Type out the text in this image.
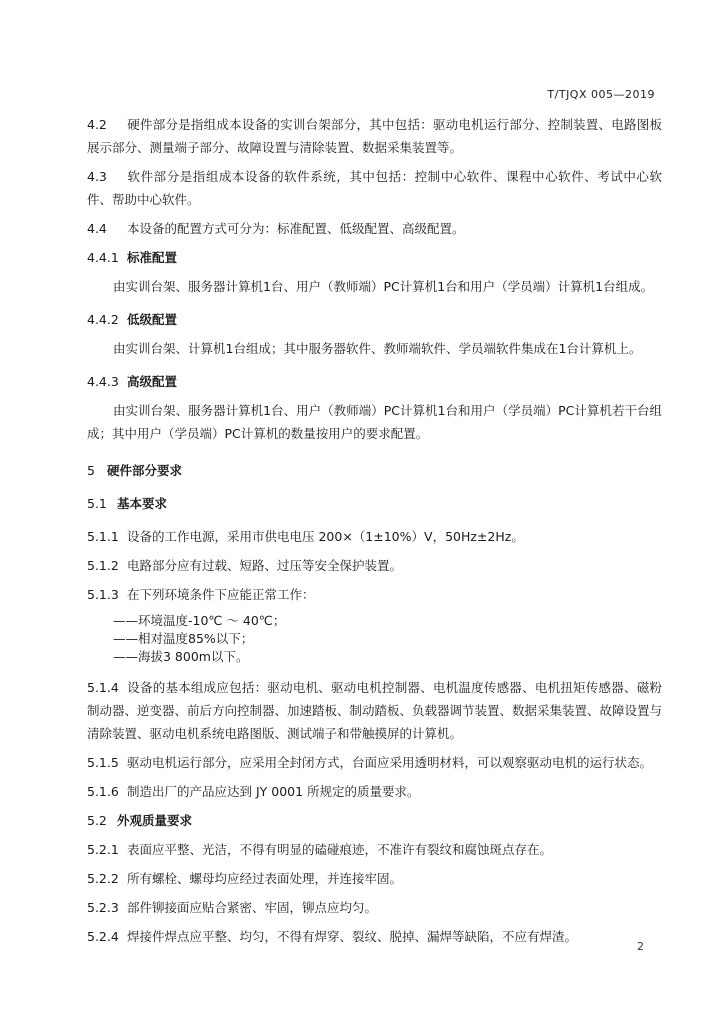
T/TJQX 005—2019

4.2 硬件部分是指组成本设备的实训台架部分，其中包括：驱动电机运行部分、控制装置、电路图板展示部分、测量端子部分、故障设置与清除装置、数据采集装置等。

4.3 软件部分是指组成本设备的软件系统，其中包括：控制中心软件、课程中心软件、考试中心软件、帮助中心软件。

4.4 本设备的配置方式可分为：标准配置、低级配置、高级配置。

4.4.1 标准配置

由实训台架、服务器计算机1台、用户（教师端）PC计算机1台和用户（学员端）计算机1台组成。

4.4.2 低级配置

由实训台架、计算机1台组成；其中服务器软件、教师端软件、学员端软件集成在1台计算机上。

4.4.3 高级配置

由实训台架、服务器计算机1台、用户（教师端）PC计算机1台和用户（学员端）PC计算机若干台组成；其中用户（学员端）PC计算机的数量按用户的要求配置。

5 硬件部分要求

5.1 基本要求

5.1.1 设备的工作电源，采用市供电电压 200×（1±10%）V，50Hz±2Hz。

5.1.2 电路部分应有过载、短路、过压等安全保护装置。

5.1.3 在下列环境条件下应能正常工作：

——环境温度-10℃ ～ 40℃；

——相对温度85%以下；

——海拔3 800m以下。

5.1.4 设备的基本组成应包括：驱动电机、驱动电机控制器、电机温度传感器、电机扭矩传感器、磁粉制动器、逆变器、前后方向控制器、加速踏板、制动踏板、负载器调节装置、数据采集装置、故障设置与清除装置、驱动电机系统电路图版、测试端子和带触摸屏的计算机。

5.1.5 驱动电机运行部分，应采用全封闭方式，台面应采用透明材料，可以观察驱动电机的运行状态。

5.1.6 制造出厂的产品应达到 JY 0001 所规定的质量要求。

5.2 外观质量要求

5.2.1 表面应平整、光洁，不得有明显的磕碰痕迹，不准许有裂纹和腐蚀斑点存在。

5.2.2 所有螺栓、螺母均应经过表面处理，并连接牢固。

5.2.3 部件铆接面应贴合紧密、牢固，铆点应均匀。

5.2.4 焊接件焊点应平整、均匀，不得有焊穿、裂纹、脱掉、漏焊等缺陷，不应有焊渣。

2
